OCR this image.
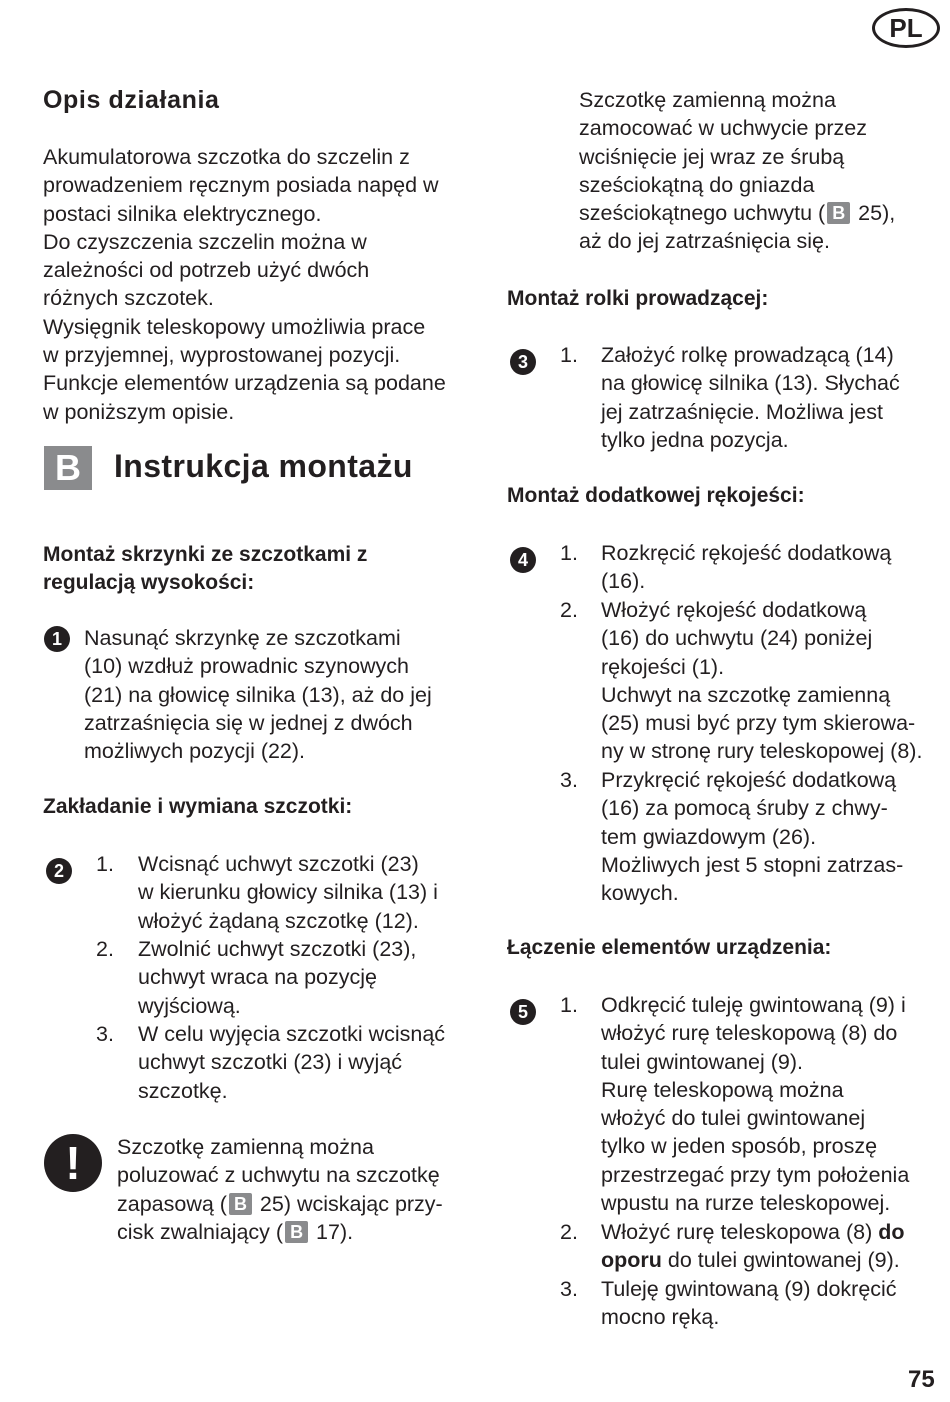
PL
Opis działania
Akumulatorowa szczotka do szczelin z
prowadzeniem ręcznym posiada napęd w
postaci silnika elektrycznego.
Do czyszczenia szczelin można w
zależności od potrzeb użyć dwóch
różnych szczotek.
Wysięgnik teleskopowy umożliwia prace
w przyjemnej, wyprostowanej pozycji.
Funkcje elementów urządzenia są podane
w poniższym opisie.
B	Instrukcja montażu
Montaż skrzynki ze szczotkami z
regulacją wysokości:
1	Nasunąć skrzynkę ze szczotkami
(10) wzdłuż prowadnic szynowych
(21) na głowicę silnika (13), aż do jej
zatrzaśnięcia się w jednej z dwóch
możliwych pozycji (22).
Zakładanie i wymiana szczotki:
2	1.	Wcisnąć uchwyt szczotki (23)
w kierunku głowicy silnika (13) i
włożyć żądaną szczotkę (12).
2.	Zwolnić uchwyt szczotki (23),
uchwyt wraca na pozycję
wyjściową.
3.	W celu wyjęcia szczotki wcisnąć
uchwyt szczotki (23) i wyjąć
szczotkę.
!	Szczotkę zamienną można
poluzować z uchwytu na szczotkę
zapasową ( B 25) wciskając przy-
cisk zwalniający ( B 17).
Szczotkę zamienną można
zamocować w uchwycie przez
wciśnięcie jej wraz ze śrubą
sześciokątną do gniazda
sześciokątnego uchwytu ( B 25),
aż do jej zatrzaśnięcia się.
Montaż rolki prowadzącej:
3	1.	Założyć rolkę prowadzącą (14)
na głowicę silnika (13). Słychać
jej zatrzaśnięcie. Możliwa jest
tylko jedna pozycja.
Montaż dodatkowej rękojeści:
4	1.	Rozkręcić rękojeść dodatkową
(16).
2.	Włożyć rękojeść dodatkową
(16) do uchwytu (24) poniżej
rękojeści (1).
Uchwyt na szczotkę zamienną
(25) musi być przy tym skierowa-
ny w stronę rury teleskopowej (8).
3.	Przykręcić rękojeść dodatkową
(16) za pomocą śruby z chwy-
tem gwiazdowym (26).
Możliwych jest 5 stopni zatrzas-
kowych.
Łączenie elementów urządzenia:
5	1.	Odkręcić tuleję gwintowaną (9) i
włożyć rurę teleskopową (8) do
tulei gwintowanej (9).
Rurę teleskopową można
włożyć do tulei gwintowanej
tylko w jeden sposób, proszę
przestrzegać przy tym położenia
wpustu na rurze teleskopowej.
2.	Włożyć rurę teleskopowa (8) do
oporu do tulei gwintowanej (9).
3.	Tuleję gwintowaną (9) dokręcić
mocno ręką.
75
